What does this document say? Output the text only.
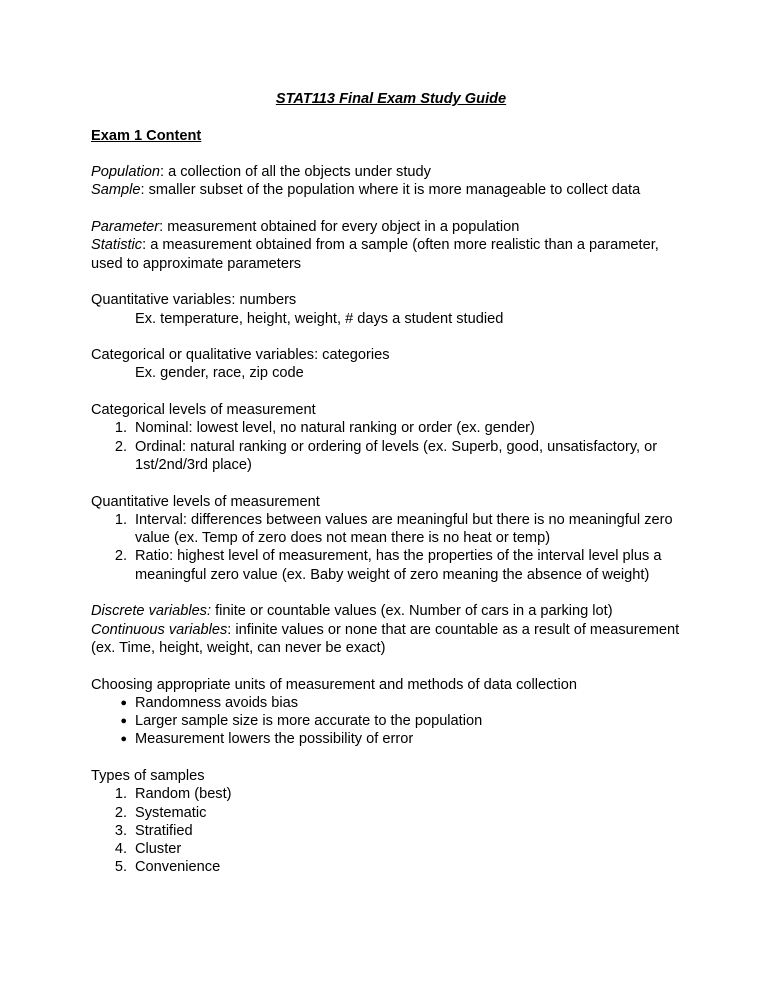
STAT113 Final Exam Study Guide

Exam 1 Content

Population: a collection of all the objects under study

Sample: smaller subset of the population where it is more manageable to collect data

Parameter: measurement obtained for every object in a population

Statistic: a measurement obtained from a sample (often more realistic than a parameter, used to approximate parameters

Quantitative variables: numbers

Ex. temperature, height, weight, # days a student studied

Categorical or qualitative variables: categories

Ex. gender, race, zip code

Categorical levels of measurement

1. Nominal: lowest level, no natural ranking or order (ex. gender)
2. Ordinal: natural ranking or ordering of levels (ex. Superb, good, unsatisfactory, or 1st/2nd/3rd place)

Quantitative levels of measurement

1. Interval: differences between values are meaningful but there is no meaningful zero value (ex. Temp of zero does not mean there is no heat or temp)
2. Ratio: highest level of measurement, has the properties of the interval level plus a meaningful zero value (ex. Baby weight of zero meaning the absence of weight)

Discrete variables: finite or countable values (ex. Number of cars in a parking lot)

Continuous variables: infinite values or none that are countable as a result of measurement (ex. Time, height, weight, can never be exact)

Choosing appropriate units of measurement and methods of data collection

● Randomness avoids bias
● Larger sample size is more accurate to the population
● Measurement lowers the possibility of error

Types of samples

1. Random (best)
2. Systematic
3. Stratified
4. Cluster
5. Convenience
